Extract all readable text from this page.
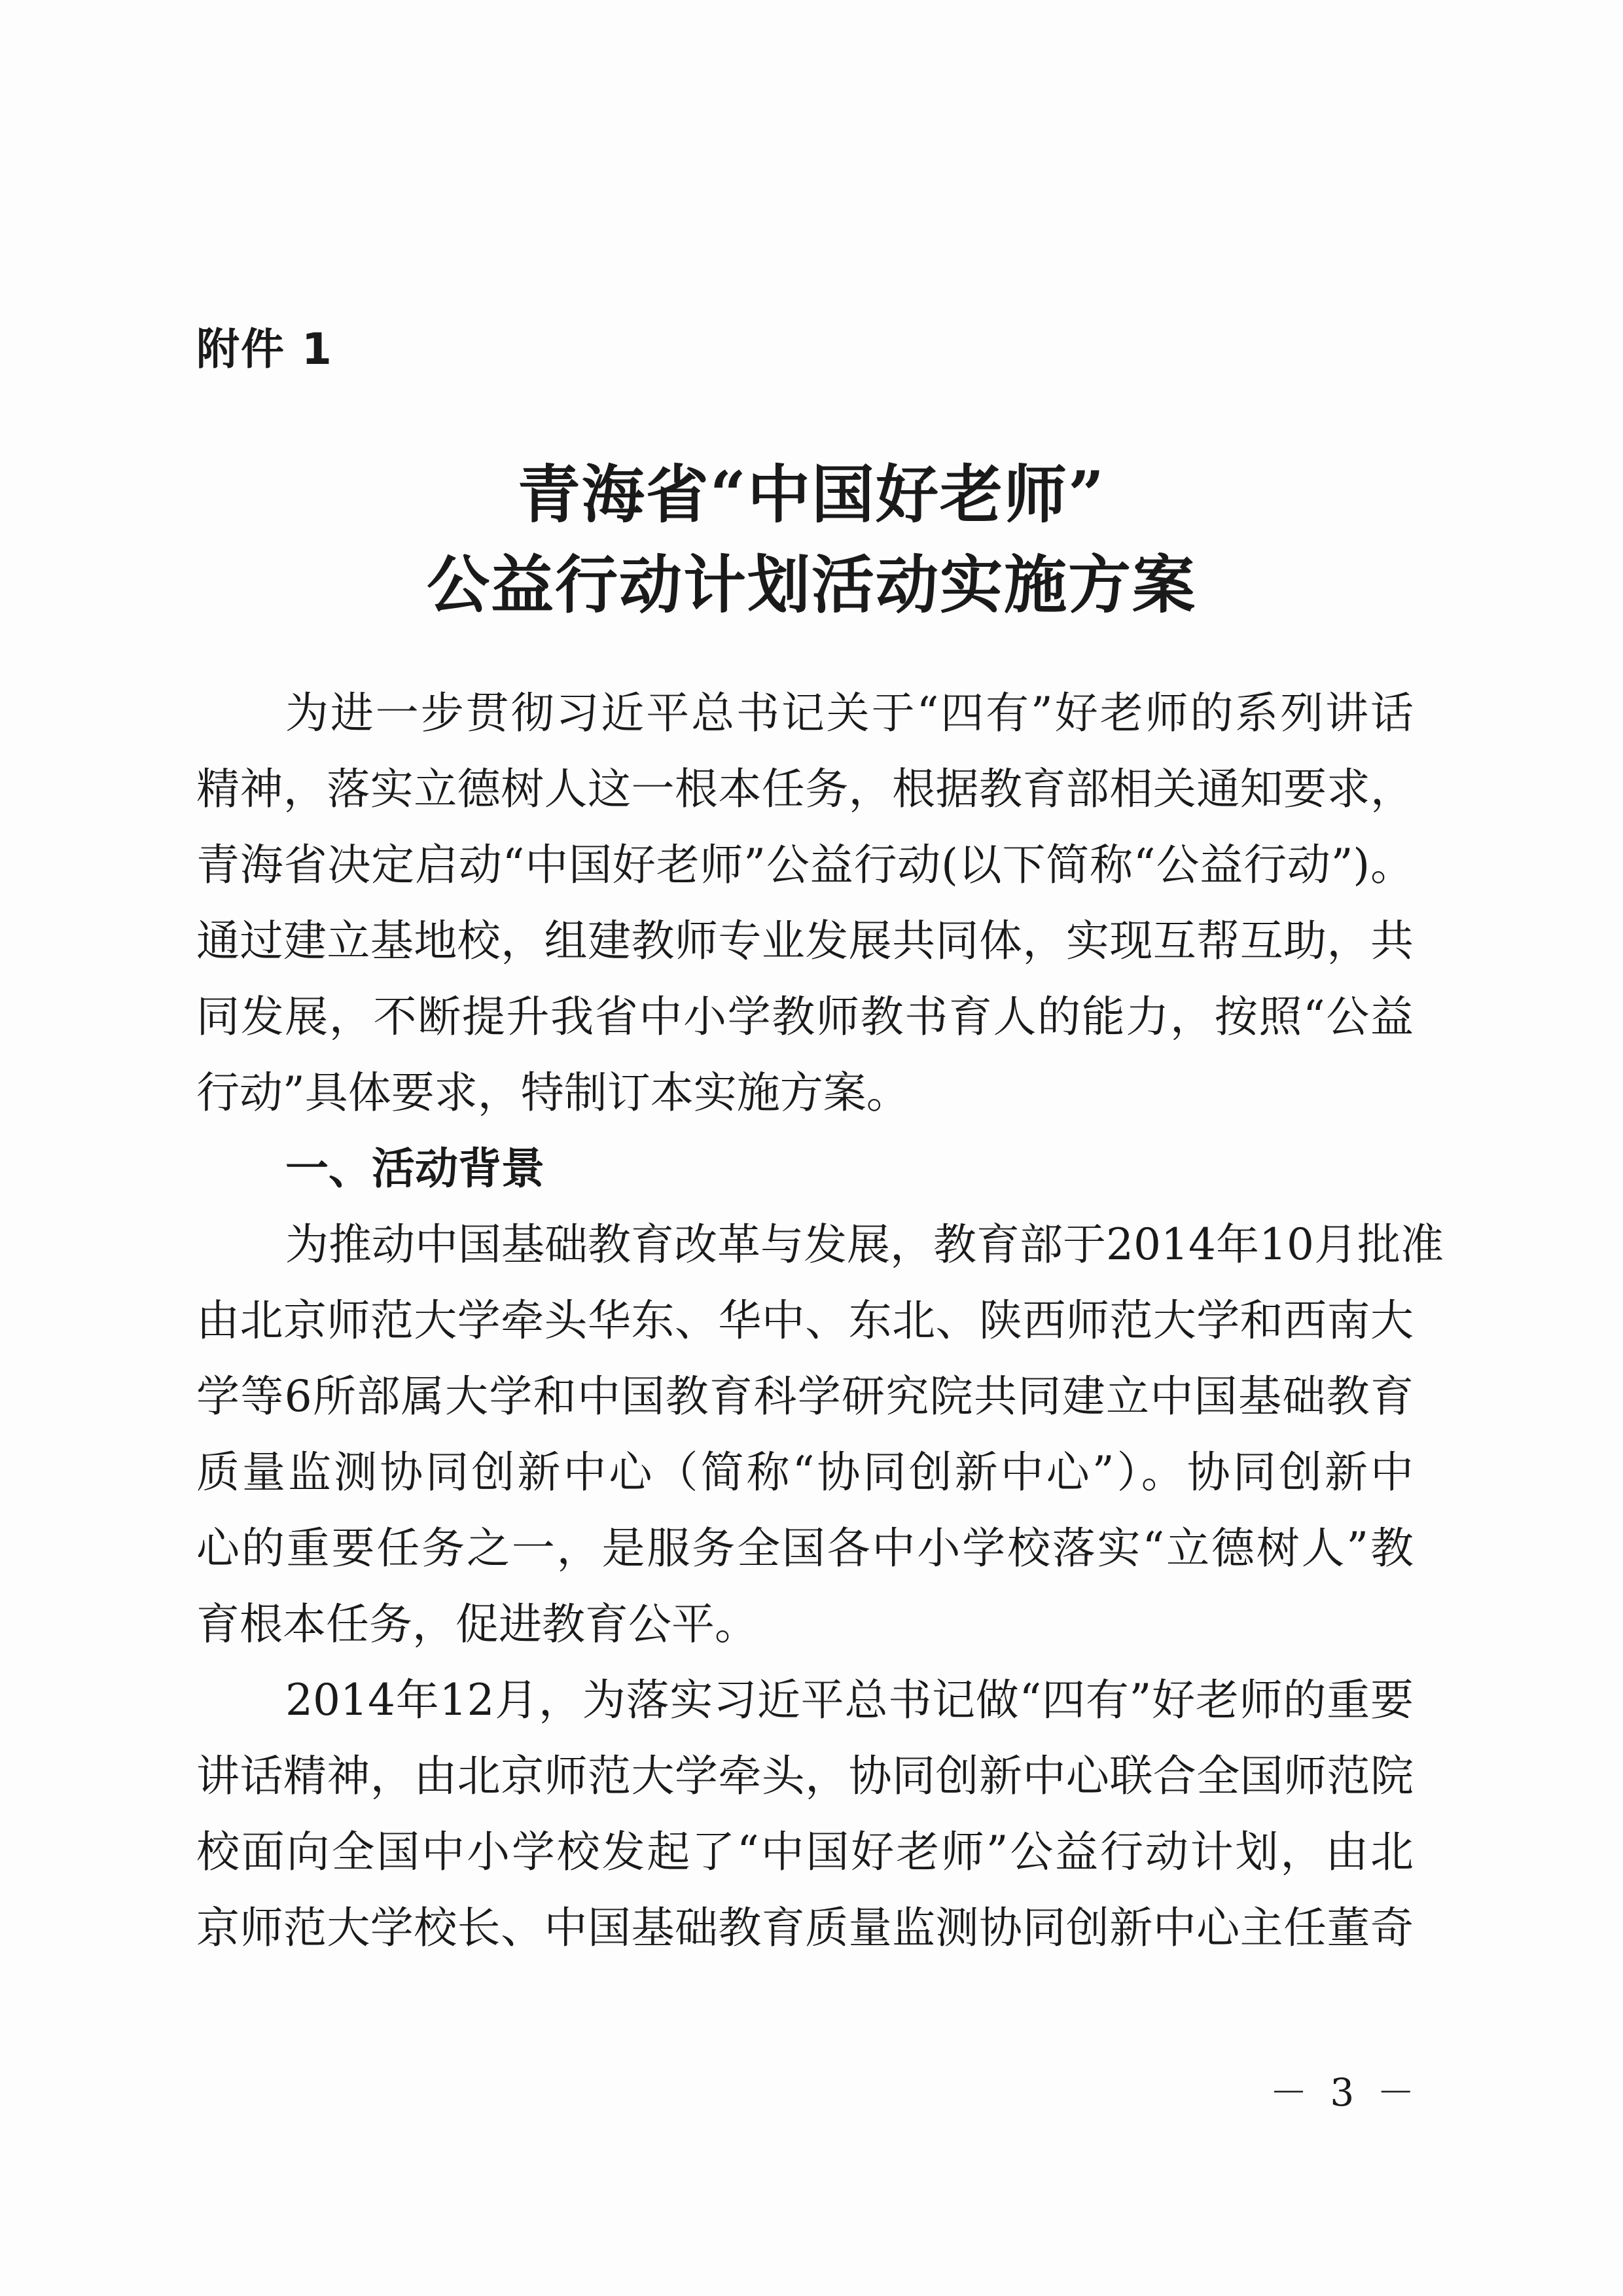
附件 1
青海省“中国好老师”
公益行动计划活动实施方案
为进一步贯彻习近平总书记关于“四有”好老师的系列讲话
精神，落实立德树人这一根本任务，根据教育部相关通知要求，
青海省决定启动“中国好老师”公益行动(以下简称“公益行动”)。
通过建立基地校，组建教师专业发展共同体，实现互帮互助，共
同发展，不断提升我省中小学教师教书育人的能力，按照“公益
行动”具体要求，特制订本实施方案。
一、活动背景
为推动中国基础教育改革与发展，教育部于2014年10月批准
由北京师范大学牵头华东、华中、东北、陕西师范大学和西南大
学等6所部属大学和中国教育科学研究院共同建立中国基础教育
质量监测协同创新中心（简称“协同创新中心”）。协同创新中
心的重要任务之一，是服务全国各中小学校落实“立德树人”教
育根本任务，促进教育公平。
2014年12月，为落实习近平总书记做“四有”好老师的重要
讲话精神，由北京师范大学牵头，协同创新中心联合全国师范院
校面向全国中小学校发起了“中国好老师”公益行动计划，由北
京师范大学校长、中国基础教育质量监测协同创新中心主任董奇
－ 3 －
